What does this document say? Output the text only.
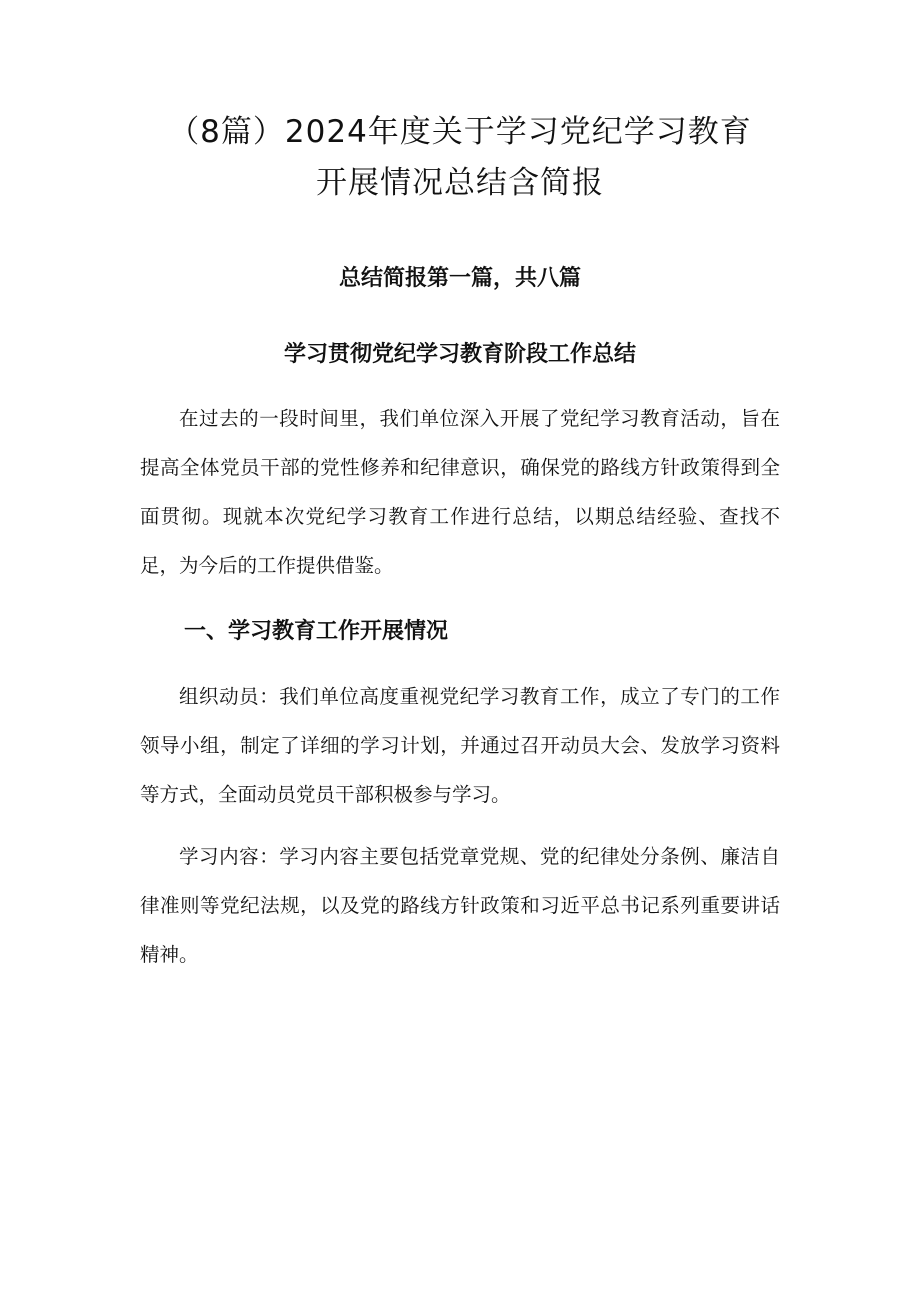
（8篇）2024年度关于学习党纪学习教育
开展情况总结含简报
总结简报第一篇，共八篇
学习贯彻党纪学习教育阶段工作总结

在过去的一段时间里，我们单位深入开展了党纪学习教育活动，旨在提高全体党员干部的党性修养和纪律意识，确保党的路线方针政策得到全面贯彻。现就本次党纪学习教育工作进行总结，以期总结经验、查找不足，为今后的工作提供借鉴。

一、学习教育工作开展情况

组织动员：我们单位高度重视党纪学习教育工作，成立了专门的工作领导小组，制定了详细的学习计划，并通过召开动员大会、发放学习资料等方式，全面动员党员干部积极参与学习。

学习内容：学习内容主要包括党章党规、党的纪律处分条例、廉洁自律准则等党纪法规，以及党的路线方针政策和习近平总书记系列重要讲话精神。
